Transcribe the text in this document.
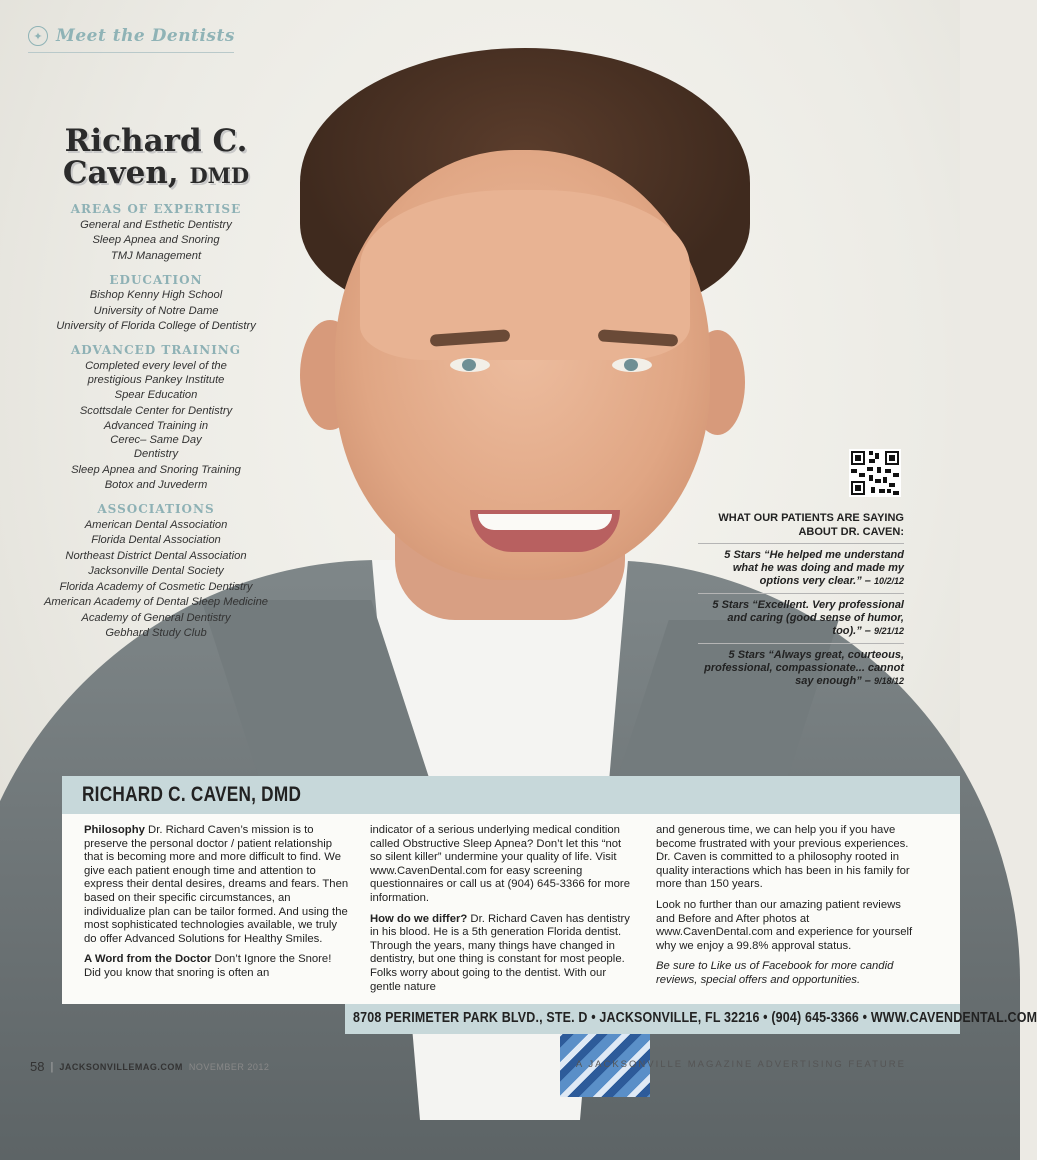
✦ Meet the Dentists
Richard C.
Caven, DMD
AREAS OF EXPERTISE
General and Esthetic Dentistry
Sleep Apnea and Snoring
TMJ Management
EDUCATION
Bishop Kenny High School
University of Notre Dame
University of Florida College of Dentistry
ADVANCED TRAINING
Completed every level of the prestigious Pankey Institute
Spear Education
Scottsdale Center for Dentistry
Advanced Training in Cerec– Same Day Dentistry
Sleep Apnea and Snoring Training
Botox and Juvederm
ASSOCIATIONS
American Dental Association
Florida Dental Association
Northeast District Dental Association
Jacksonville Dental Society
Florida Academy of Cosmetic Dentistry
American Academy of Dental Sleep Medicine
Academy of General Dentistry
Gebhard Study Club
WHAT OUR PATIENTS ARE SAYING ABOUT DR. CAVEN:
5 Stars “He helped me understand what he was doing and made my options very clear.” – 10/2/12
5 Stars “Excellent. Very professional and caring (good sense of humor, too).” – 9/21/12
5 Stars “Always great, courteous, professional, compassionate... cannot say enough” – 9/18/12
RICHARD C. CAVEN, DMD

Philosophy Dr. Richard Caven’s mission is to preserve the personal doctor / patient relationship that is becoming more and more difficult to find. We give each patient enough time and attention to express their dental desires, dreams and fears. Then based on their specific circumstances, an individualize plan can be tailor formed. And using the most sophisticated technologies available, we truly do offer Advanced Solutions for Healthy Smiles.

A Word from the Doctor Don’t Ignore the Snore! Did you know that snoring is often an

indicator of a serious underlying medical condition called Obstructive Sleep Apnea? Don’t let this “not so silent killer” undermine your quality of life. Visit www.CavenDental.com for easy screening questionnaires or call us at (904) 645-3366 for more information.

How do we differ? Dr. Richard Caven has dentistry in his blood. He is a 5th generation Florida dentist. Through the years, many things have changed in dentistry, but one thing is constant for most people. Folks worry about going to the dentist. With our gentle nature

and generous time, we can help you if you have become frustrated with your previous experiences. Dr. Caven is committed to a philosophy rooted in quality interactions which has been in his family for more than 150 years.

Look no further than our amazing patient reviews and Before and After photos at www.CavenDental.com and experience for yourself why we enjoy a 99.8% approval status.

Be sure to Like us of Facebook for more candid reviews, special offers and opportunities.

8708 PERIMETER PARK BLVD., STE. D • JACKSONVILLE, FL 32216 • (904) 645-3366 • WWW.CAVENDENTAL.COM
58 | JACKSONVILLEMAG.COM NOVEMBER 2012	A JACKSONVILLE MAGAZINE ADVERTISING FEATURE
